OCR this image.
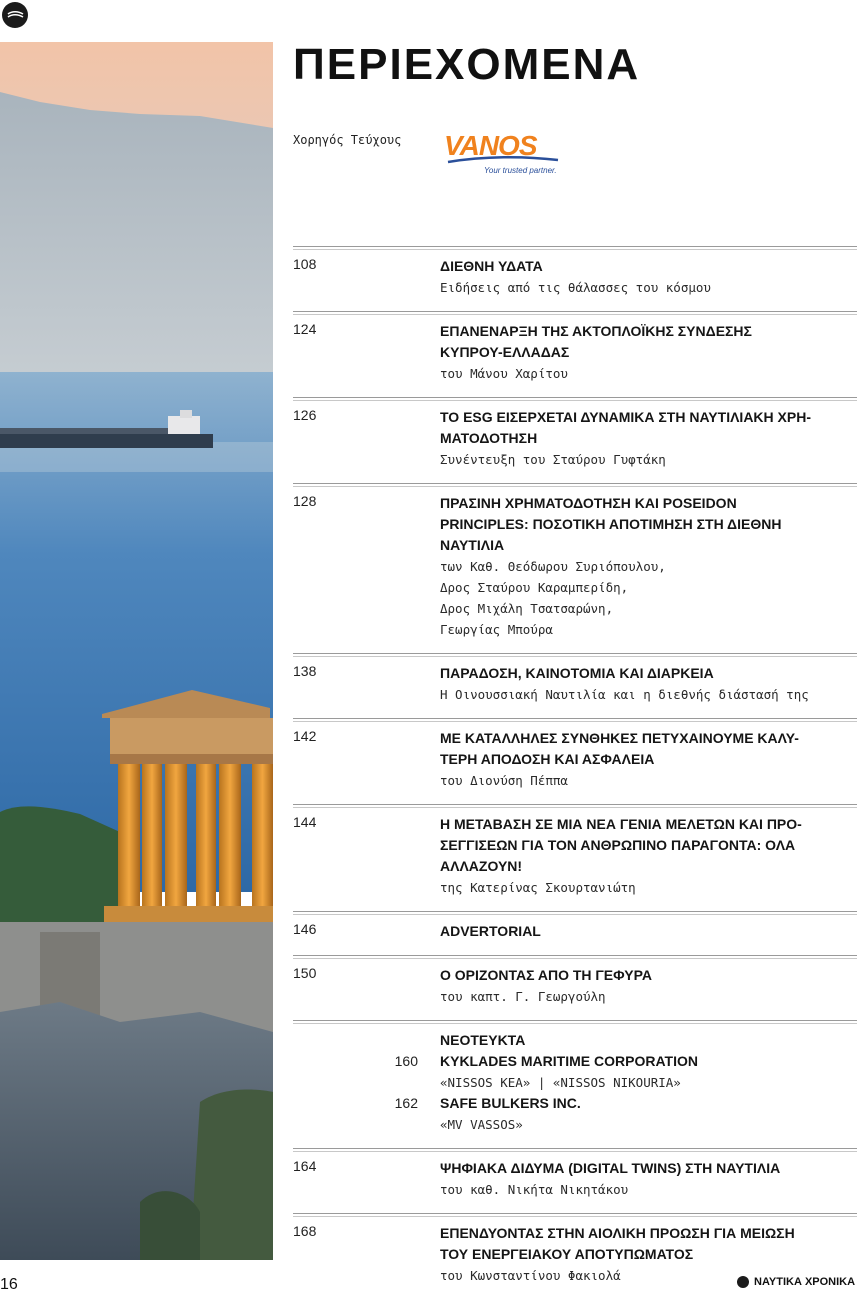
ΠΕΡΙΕΧΟΜΕΝΑ
Χορηγός Τεύχους VANOS
Your trusted partner.
108	ΔΙΕΘΝΗ ΥΔΑΤΑ
Ειδήσεις από τις θάλασσες του κόσμου
124	ΕΠΑΝΕΝΑΡΞΗ ΤΗΣ ΑΚΤΟΠΛΟΪΚΗΣ ΣΥΝΔΕΣΗΣ
ΚΥΠΡΟΥ-ΕΛΛΑΔΑΣ
του Μάνου Χαρίτου
126	ΤΟ ESG ΕΙΣΕΡΧΕΤΑΙ ΔΥΝΑΜΙΚΑ ΣΤΗ ΝΑΥΤΙΛΙΑΚΗ ΧΡΗ-
ΜΑΤΟΔΟΤΗΣΗ
Συνέντευξη του Σταύρου Γυφτάκη
128	ΠΡΑΣΙΝΗ ΧΡΗΜΑΤΟΔΟΤΗΣΗ ΚΑΙ POSEIDON
PRINCIPLES: ΠΟΣΟΤΙΚΗ ΑΠΟΤΙΜΗΣΗ ΣΤΗ ΔΙΕΘΝΗ
ΝΑΥΤΙΛΙΑ
των Καθ. Θεόδωρου Συριόπουλου,
Δρος Σταύρου Καραμπερίδη,
Δρος Μιχάλη Τσατσαρώνη,
Γεωργίας Μπούρα
138	ΠΑΡΑΔΟΣΗ, ΚΑΙΝΟΤΟΜΙΑ ΚΑΙ ΔΙΑΡΚΕΙΑ
Η Οινουσσιακή Ναυτιλία και η διεθνής διάστασή της
142	ΜΕ ΚΑΤΑΛΛΗΛΕΣ ΣΥΝΘΗΚΕΣ ΠΕΤΥΧΑΙΝΟΥΜΕ ΚΑΛΥ-
ΤΕΡΗ ΑΠΟΔΟΣΗ ΚΑΙ ΑΣΦΑΛΕΙΑ
του Διονύση Πέππα
144	Η ΜΕΤΑΒΑΣΗ ΣΕ ΜΙΑ ΝΕΑ ΓΕΝΙΑ ΜΕΛΕΤΩΝ ΚΑΙ ΠΡΟ-
ΣΕΓΓΙΣΕΩΝ ΓΙΑ ΤΟΝ ΑΝΘΡΩΠΙΝΟ ΠΑΡΑΓΟΝΤΑ: ΟΛΑ
ΑΛΛΑΖΟΥΝ!
της Κατερίνας Σκουρτανιώτη
146	ADVERTORIAL
150	Ο ΟΡΙΖΟΝΤΑΣ ΑΠΟ ΤΗ ΓΕΦΥΡΑ
του καπτ. Γ. Γεωργούλη
ΝΕΟΤΕΥΚΤΑ
160	KYKLADES MARITIME CORPORATION
«NISSOS KEA» | «NISSOS NIKOURIA»
162	SAFE BULKERS INC.
«MV VASSOS»
164	ΨΗΦΙΑΚΑ ΔΙΔΥΜΑ (DIGITAL TWINS) ΣΤΗ ΝΑΥΤΙΛΙΑ
του καθ. Νικήτα Νικητάκου
168	ΕΠΕΝΔΥΟΝΤΑΣ ΣΤΗΝ ΑΙΟΛΙΚΗ ΠΡΟΩΣΗ ΓΙΑ ΜΕΙΩΣΗ
ΤΟΥ ΕΝΕΡΓΕΙΑΚΟΥ ΑΠΟΤΥΠΩΜΑΤΟΣ
του Κωνσταντίνου Φακιολά
16	ΝΑΥΤΙΚΑ ΧΡΟΝΙΚΑ
